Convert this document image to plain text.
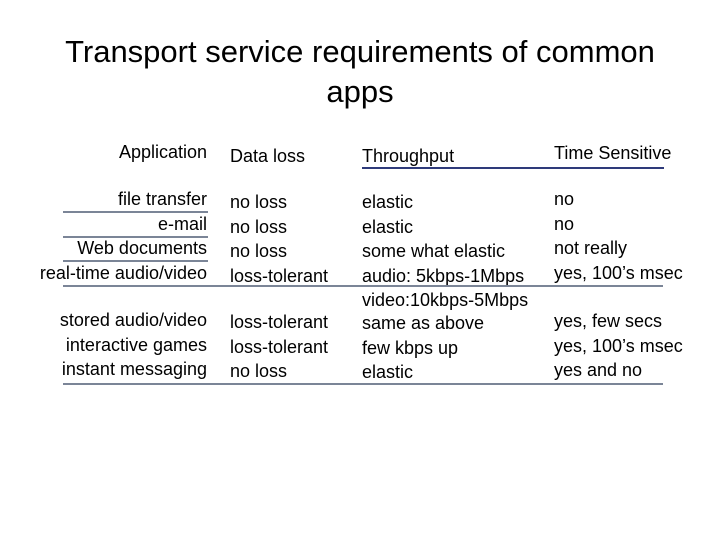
Transport service requirements of common
apps
Application Data loss	Throughput	Time Sensitive
file transfer
e-mail
Web documents
real-time audio/video
no loss
no loss
no loss
loss-tolerant
elastic
elastic
some what elastic
audio: 5kbps-1Mbps
video:10kbps-5Mbps
no
no
not really
yes, 100’s msec
stored audio/video
interactive games
instant messaging
loss-tolerant
loss-tolerant
no loss
same as above
few kbps up
elastic
yes, few secs
yes, 100’s msec
yes and no
